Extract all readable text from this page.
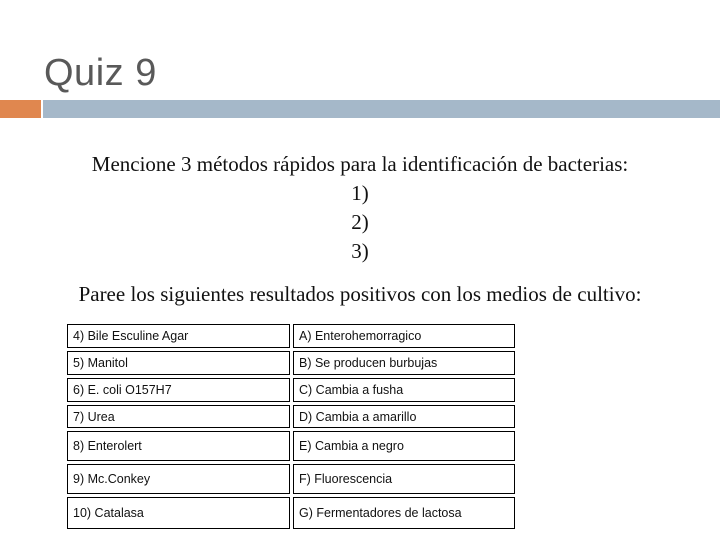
Quiz 9
Mencione 3 métodos rápidos para la identificación de bacterias:
1)
2)
3)
Paree los siguientes resultados positivos con los medios de cultivo:
4) Bile Esculine Agar	A) Enterohemorragico
5) Manitol	B) Se producen burbujas
6) E. coli O157H7	C) Cambia a fusha
7) Urea	D) Cambia a amarillo
8) Enterolert	E) Cambia a negro
9) Mc.Conkey	F) Fluorescencia
10) Catalasa	G) Fermentadores de lactosa
